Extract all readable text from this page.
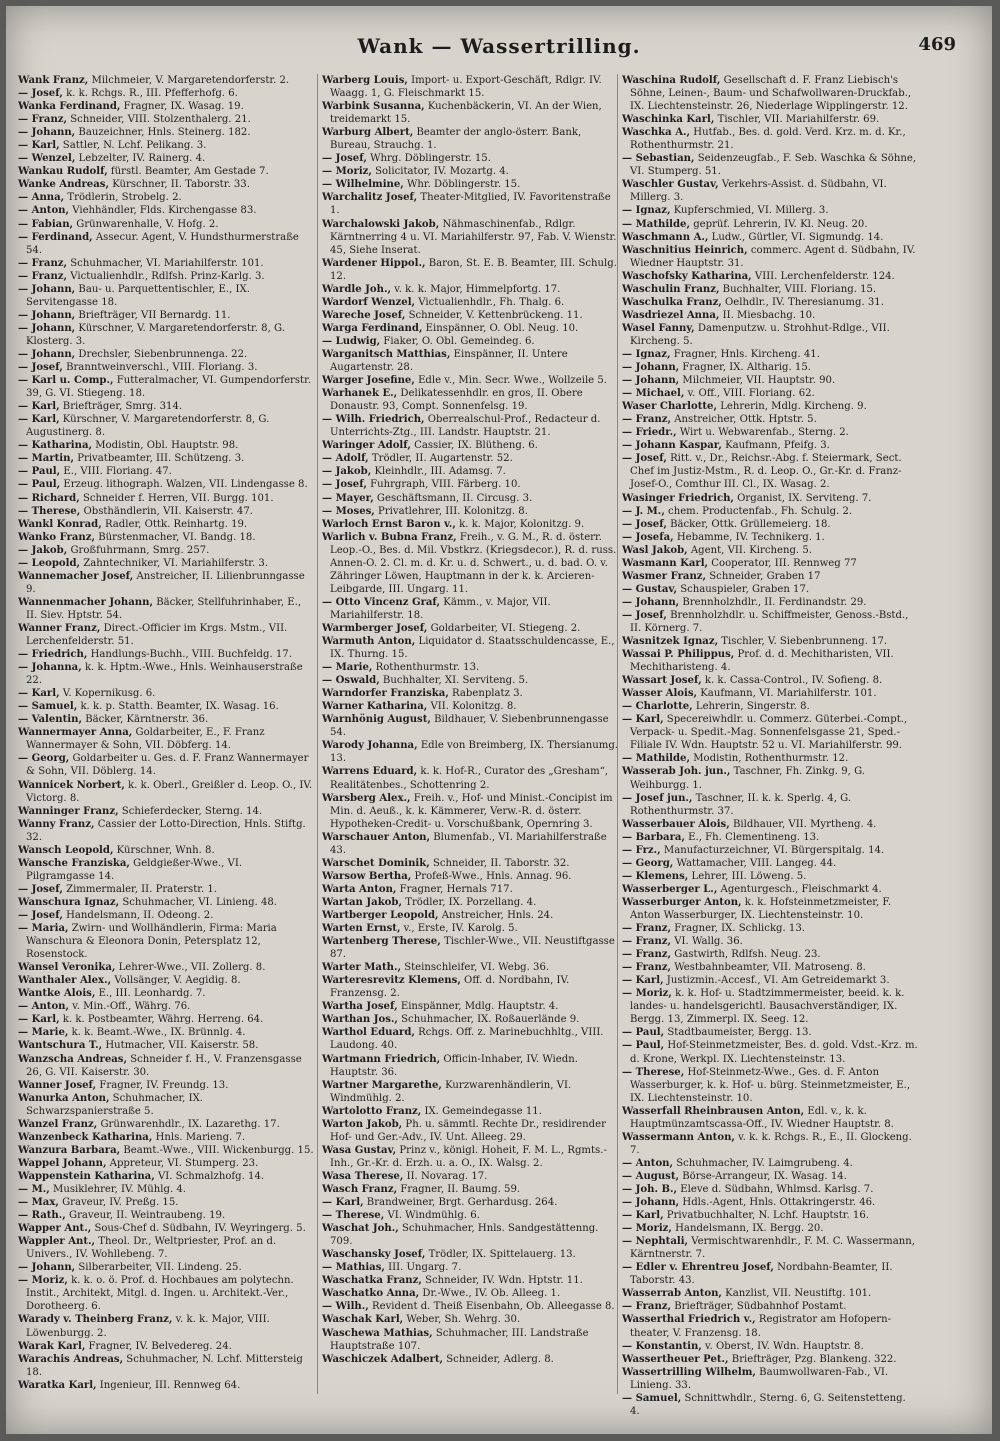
Wank — Wassertrilling.	469
Wank Franz, Milchmeier, V. Margaretendorferstr. 2.
— Josef, k. k. Rchgs. R., III. Pfefferhofg. 6.
Wanka Ferdinand, Fragner, IX. Wasag. 19.
— Franz, Schneider, VIII. Stolzenthalerg. 21.
— Johann, Bauzeichner, Hnls. Steinerg. 182.
— Karl, Sattler, N. Lchf. Pelikang. 3.
— Wenzel, Lebzelter, IV. Rainerg. 4.
Wankau Rudolf, fürstl. Beamter, Am Gestade 7.
Wanke Andreas, Kürschner, II. Taborstr. 33.
— Anna, Trödlerin, Strobelg. 2.
— Anton, Viehhändler, Flds. Kirchengasse 83.
— Fabian, Grünwarenhalle, V. Hofg. 2.
— Ferdinand, Assecur. Agent, V. Hundsthurmerstraße 54.
— Franz, Schuhmacher, VI. Mariahilferstr. 101.
— Franz, Victualienhdlr., Rdlfsh. Prinz-Karlg. 3.
— Johann, Bau- u. Parquettentischler, E., IX. Servitengasse 18.
— Johann, Briefträger, VII Bernardg. 11.
— Johann, Kürschner, V. Margaretendorferstr. 8, G. Klosterg. 3.
— Johann, Drechsler, Siebenbrunnenga. 22.
— Josef, Branntweinverschl., VIII. Floriang. 3.
— Karl u. Comp., Futteralmacher, VI. Gumpendorferstr. 39, G. VI. Stiegeng. 18.
— Karl, Briefträger, Smrg. 314.
— Karl, Kürschner, V. Margaretendorferstr. 8, G. Augustinerg. 8.
— Katharina, Modistin, Obl. Hauptstr. 98.
— Martin, Privatbeamter, III. Schützeng. 3.
— Paul, E., VIII. Floriang. 47.
— Paul, Erzeug. lithograph. Walzen, VII. Lindengasse 8.
— Richard, Schneider f. Herren, VII. Burgg. 101.
— Therese, Obsthändlerin, VII. Kaiserstr. 47.
Wankl Konrad, Radler, Ottk. Reinhartg. 19.
Wanko Franz, Bürstenmacher, VI. Bandg. 18.
— Jakob, Großfuhrmann, Smrg. 257.
— Leopold, Zahntechniker, VI. Mariahilferstr. 3.
Wannemacher Josef, Anstreicher, II. Lilienbrunngasse 9.
Wannenmacher Johann, Bäcker, Stellfuhrinhaber, E., II. Siev. Hptstr. 54.
Wanner Franz, Direct.-Officier im Krgs. Mstm., VII. Lerchenfelderstr. 51.
— Friedrich, Handlungs-Buchh., VIII. Buchfeldg. 17.
— Johanna, k. k. Hptm.-Wwe., Hnls. Weinhauserstraße 22.
— Karl, V. Kopernikusg. 6.
— Samuel, k. k. p. Statth. Beamter, IX. Wasag. 16.
— Valentin, Bäcker, Kärntnerstr. 36.
Wannermayer Anna, Goldarbeiter, E., F. Franz Wannermayer & Sohn, VII. Döbferg. 14.
— Georg, Goldarbeiter u. Ges. d. F. Franz Wannermayer & Sohn, VII. Döblerg. 14.
Wannicek Norbert, k. k. Oberl., Greißler d. Leop. O., IV. Victorg. 8.
Wanninger Franz, Schieferdecker, Sterng. 14.
Wanny Franz, Cassier der Lotto-Direction, Hnls. Stiftg. 32.
Wansch Leopold, Kürschner, Wnh. 8.
Wansche Franziska, Geldgießer-Wwe., VI. Pilgramgasse 14.
— Josef, Zimmermaler, II. Praterstr. 1.
Wanschura Ignaz, Schuhmacher, VI. Linieng. 48.
— Josef, Handelsmann, II. Odeong. 2.
— Maria, Zwirn- und Wollhändlerin, Firma: Maria Wanschura & Eleonora Donin, Petersplatz 12, Rosenstock.
Wansel Veronika, Lehrer-Wwe., VII. Zollerg. 8.
Wanthaler Alex., Vollsänger, V. Aegidig. 8.
Wantke Alois, E., III. Leonhardg. 7.
— Anton, v. Min.-Off., Währg. 76.
— Karl, k. k. Postbeamter, Währg. Herreng. 64.
— Marie, k. k. Beamt.-Wwe., IX. Brünnlg. 4.
Wantschura T., Hutmacher, VII. Kaiserstr. 58.
Wanzscha Andreas, Schneider f. H., V. Franzensgasse 26, G. VII. Kaiserstr. 30.
Wanner Josef, Fragner, IV. Freundg. 13.
Wanurka Anton, Schuhmacher, IX. Schwarzspanierstraße 5.
Wanzel Franz, Grünwarenhdlr., IX. Lazarethg. 17.
Wanzenbeck Katharina, Hnls. Marieng. 7.
Wanzura Barbara, Beamt.-Wwe., VIII. Wickenburgg. 15.
Wappel Johann, Appreteur, VI. Stumperg. 23.
Wappenstein Katharina, VI. Schmalzhofg. 14.
— M., Musiklehrer, IV. Mühlg. 4.
— Max, Graveur, IV. Preßg. 15.
— Rath., Graveur, II. Weintraubeng. 19.
Wapper Ant., Sous-Chef d. Südbahn, IV. Weyringerg. 5.
Wappler Ant., Theol. Dr., Weltpriester, Prof. an d. Univers., IV. Wohllebeng. 7.
— Johann, Silberarbeiter, VII. Lindeng. 25.
— Moriz, k. k. o. ö. Prof. d. Hochbaues am polytechn. Instit., Architekt, Mitgl. d. Ingen. u. Architekt.-Ver., Dorotheerg. 6.
Warady v. Theinberg Franz, v. k. k. Major, VIII. Löwenburgg. 2.
Warak Karl, Fragner, IV. Belvedereg. 24.
Warachis Andreas, Schuhmacher, N. Lchf. Mittersteig 18.
Waratka Karl, Ingenieur, III. Rennweg 64.
Warberg Louis, Import- u. Export-Geschäft, Rdlgr. IV. Waagg. 1, G. Fleischmarkt 15.
Warbink Susanna, Kuchenbäckerin, VI. An der Wien, treidemarkt 15.
Warburg Albert, Beamter der anglo-österr. Bank, Bureau, Strauchg. 1.
— Josef, Whrg. Döblingerstr. 15.
— Moriz, Solicitator, IV. Mozartg. 4.
— Wilhelmine, Whr. Döblingerstr. 15.
Warchalitz Josef, Theater-Mitglied, IV. Favoritenstraße 1.
Warchalowski Jakob, Nähmaschinenfab., Rdlgr. Kärntnerring 4 u. VI. Mariahilferstr. 97, Fab. V. Wienstr. 45, Siehe Inserat.
Wardener Hippol., Baron, St. E. B. Beamter, III. Schulg. 12.
Wardle Joh., v. k. k. Major, Himmelpfortg. 17.
Wardorf Wenzel, Victualienhdlr., Fh. Thalg. 6.
Wareche Josef, Schneider, V. Kettenbrückeng. 11.
Warga Ferdinand, Einspänner, O. Obl. Neug. 10.
— Ludwig, Fiaker, O. Obl. Gemeindeg. 6.
Warganitsch Matthias, Einspänner, II. Untere Augartenstr. 28.
Warger Josefine, Edle v., Min. Secr. Wwe., Wollzeile 5.
Warhanek E., Delikatessenhdlr. en gros, II. Obere Donaustr. 93, Compt. Sonnenfelsg. 19.
— Wilh. Friedrich, Oberrealschul-Prof., Redacteur d. Unterrichts-Ztg., III. Landstr. Hauptstr. 21.
Waringer Adolf, Cassier, IX. Blütheng. 6.
— Adolf, Trödler, II. Augartenstr. 52.
— Jakob, Kleinhdlr., III. Adamsg. 7.
— Josef, Fuhrgraph, VIII. Färberg. 10.
— Mayer, Geschäftsmann, II. Circusg. 3.
— Moses, Privatlehrer, III. Kolonitzg. 8.
Warloch Ernst Baron v., k. k. Major, Kolonitzg. 9.
Warlich v. Bubna Franz, Freih., v. G. M., R. d. österr. Leop.-O., Bes. d. Mil. Vbstkrz. (Kriegsdecor.), R. d. russ. Annen-O. 2. Cl. m. d. Kr. u. d. Schwert., u. d. bad. O. v. Zähringer Löwen, Hauptmann in der k. k. Arcieren-Leibgarde, III. Ungarg. 11.
— Otto Vincenz Graf, Kämm., v. Major, VII. Mariahilferstr. 18.
Warmberger Josef, Goldarbeiter, VI. Stiegeng. 2.
Warmuth Anton, Liquidator d. Staatsschuldencasse, E., IX. Thurng. 15.
— Marie, Rothenthurmstr. 13.
— Oswald, Buchhalter, XI. Serviteng. 5.
Warndorfer Franziska, Rabenplatz 3.
Warner Katharina, VII. Kolonitzg. 8.
Warnhönig August, Bildhauer, V. Siebenbrunnengasse 54.
Warody Johanna, Edle von Breimberg, IX. Thersianumg. 13.
Warrens Eduard, k. k. Hof-R., Curator des „Gresham“, Realitätenbes., Schottenring 2.
Warsberg Alex., Freih. v., Hof- und Minist.-Concipist im Min. d. Aeuß., k. k. Kämmerer, Verw.-R. d. österr. Hypotheken-Credit- u. Vorschußbank, Opernring 3.
Warschauer Anton, Blumenfab., VI. Mariahilferstraße 43.
Warschet Dominik, Schneider, II. Taborstr. 32.
Warsow Bertha, Profeß-Wwe., Hnls. Annag. 96.
Warta Anton, Fragner, Hernals 717.
Wartan Jakob, Trödler, IX. Porzellang. 4.
Wartberger Leopold, Anstreicher, Hnls. 24.
Warten Ernst, v., Erste, IV. Karolg. 5.
Wartenberg Therese, Tischler-Wwe., VII. Neustiftgasse 87.
Warter Math., Steinschleifer, VI. Webg. 36.
Warteresrevitz Klemens, Off. d. Nordbahn, IV. Franzensg. 2.
Wartha Josef, Einspänner, Mdlg. Hauptstr. 4.
Warthan Jos., Schuhmacher, IX. Roßauerlände 9.
Warthol Eduard, Rchgs. Off. z. Marinebuchhltg., VIII. Laudong. 40.
Wartmann Friedrich, Officin-Inhaber, IV. Wiedn. Hauptstr. 36.
Wartner Margarethe, Kurzwarenhändlerin, VI. Windmühlg. 2.
Wartolotto Franz, IX. Gemeindegasse 11.
Warton Jakob, Ph. u. sämmtl. Rechte Dr., residirender Hof- und Ger.-Adv., IV. Unt. Alleeg. 29.
Wasa Gustav, Prinz v., königl. Hoheit, F. M. L., Rgmts.-Inh., Gr.-Kr. d. Erzh. u. a. O., IX. Walsg. 2.
Wasa Therese, II. Novarag. 17.
Wasch Franz, Fragner, II. Baumg. 59.
— Karl, Brandweiner, Brgt. Gerhardusg. 264.
— Therese, VI. Windmühlg. 6.
Waschat Joh., Schuhmacher, Hnls. Sandgestättenng. 709.
Waschansky Josef, Trödler, IX. Spittelauerg. 13.
— Mathias, III. Ungarg. 7.
Waschatka Franz, Schneider, IV. Wdn. Hptstr. 11.
Waschatko Anna, Dr.-Wwe., IV. Ob. Alleeg. 1.
— Wilh., Revident d. Theiß Eisenbahn, Ob. Alleegasse 8.
Waschak Karl, Weber, Sh. Wehrg. 30.
Waschewa Mathias, Schuhmacher, III. Landstraße Hauptstraße 107.
Waschiczek Adalbert, Schneider, Adlerg. 8.
Waschina Rudolf, Gesellschaft d. F. Franz Liebisch's Söhne, Leinen-, Baum- und Schafwollwaren-Druckfab., IX. Liechtensteinstr. 26, Niederlage Wipplingerstr. 12.
Waschinka Karl, Tischler, VII. Mariahilferstr. 69.
Waschka A., Hutfab., Bes. d. gold. Verd. Krz. m. d. Kr., Rothenthurmstr. 21.
— Sebastian, Seidenzeugfab., F. Seb. Waschka & Söhne, VI. Stumperg. 51.
Waschler Gustav, Verkehrs-Assist. d. Südbahn, VI. Millerg. 3.
— Ignaz, Kupferschmied, VI. Millerg. 3.
— Mathilde, geprüf. Lehrerin, IV. Kl. Neug. 20.
Waschmann A., Ludw., Gürtler, VI. Sigmundg. 14.
Waschnitius Heinrich, commerc. Agent d. Südbahn, IV. Wiedner Hauptstr. 31.
Waschofsky Katharina, VIII. Lerchenfelderstr. 124.
Waschulin Franz, Buchhalter, VIII. Floriang. 15.
Waschulka Franz, Oelhdlr., IV. Theresianumg. 31.
Wasdriezel Anna, II. Miesbachg. 10.
Wasel Fanny, Damenputzw. u. Strohhut-Rdlge., VII. Kircheng. 5.
— Ignaz, Fragner, Hnls. Kircheng. 41.
— Johann, Fragner, IX. Altharig. 15.
— Johann, Milchmeier, VII. Hauptstr. 90.
— Michael, v. Off., VIII. Floriang. 62.
Waser Charlotte, Lehrerin, Mdlg. Kircheng. 9.
— Franz, Anstreicher, Ottk. Hptstr. 5.
— Friedr., Wirt u. Webwarenfab., Sterng. 2.
— Johann Kaspar, Kaufmann, Pfeifg. 3.
— Josef, Ritt. v., Dr., Reichsr.-Abg. f. Steiermark, Sect. Chef im Justiz-Mstm., R. d. Leop. O., Gr.-Kr. d. Franz-Josef-O., Comthur III. Cl., IX. Wasag. 2.
Wasinger Friedrich, Organist, IX. Serviteng. 7.
— J. M., chem. Productenfab., Fh. Schulg. 2.
— Josef, Bäcker, Ottk. Grüllemeierg. 18.
— Josefa, Hebamme, IV. Technikerg. 1.
Wasl Jakob, Agent, VII. Kircheng. 5.
Wasmann Karl, Cooperator, III. Rennweg 77
Wasmer Franz, Schneider, Graben 17
— Gustav, Schauspieler, Graben 17.
— Johann, Brennholzhdlr., II. Ferdinandstr. 29.
— Josef, Brennholzhdlr. u. Schiffmeister, Genoss.-Bstd., II. Körnerg. 7.
Wasnitzek Ignaz, Tischler, V. Siebenbrunneng. 17.
Wassai P. Philippus, Prof. d. d. Mechitharisten, VII. Mechitharisteng. 4.
Wassart Josef, k. k. Cassa-Control., IV. Sofieng. 8.
Wasser Alois, Kaufmann, VI. Mariahilferstr. 101.
— Charlotte, Lehrerin, Singerstr. 8.
— Karl, Specereiwhdlr. u. Commerz. Güterbei.-Compt., Verpack- u. Spedit.-Mag. Sonnenfelsgasse 21, Sped.-Filiale IV. Wdn. Hauptstr. 52 u. VI. Mariahilferstr. 99.
— Mathilde, Modistin, Rothenthurmstr. 12.
Wasserab Joh. jun., Taschner, Fh. Zinkg. 9, G. Weihburgg. 1.
— Josef jun., Taschner, II. k. k. Sperlg. 4, G. Rothenthurmstr. 37.
Wasserbauer Alois, Bildhauer, VII. Myrtheng. 4.
— Barbara, E., Fh. Clementineng. 13.
— Frz., Manufacturzeichner, VI. Bürgerspitalg. 14.
— Georg, Wattamacher, VIII. Langeg. 44.
— Klemens, Lehrer, III. Löweng. 5.
Wasserberger L., Agenturgesch., Fleischmarkt 4.
Wasserburger Anton, k. k. Hofsteinmetzmeister, F. Anton Wasserburger, IX. Liechtensteinstr. 10.
— Franz, Fragner, IX. Schlickg. 13.
— Franz, VI. Wallg. 36.
— Franz, Gastwirth, Rdlfsh. Neug. 23.
— Franz, Westbahnbeamter, VII. Matroseng. 8.
— Karl, Justizmin.-Accesf., VI. Am Getreidemarkt 3.
— Moriz, k. k. Hof- u. Stadtzimmermeister, beeid. k. k. landes- u. handelsgerichtl. Bausachverständiger, IX. Bergg. 13, Zimmerpl. IX. Seeg. 12.
— Paul, Stadtbaumeister, Bergg. 13.
— Paul, Hof-Steinmetzmeister, Bes. d. gold. Vdst.-Krz. m. d. Krone, Werkpl. IX. Liechtensteinstr. 13.
— Therese, Hof-Steinmetz-Wwe., Ges. d. F. Anton Wasserburger, k. k. Hof- u. bürg. Steinmetzmeister, E., IX. Liechtensteinstr. 10.
Wasserfall Rheinbrausen Anton, Edl. v., k. k. Hauptmünzamtscassa-Off., IV. Wiedner Hauptstr. 8.
Wassermann Anton, v. k. k. Rchgs. R., E., II. Glockeng. 7.
— Anton, Schuhmacher, IV. Laimgrubeng. 4.
— August, Börse-Arrangeur, IX. Wasag. 14.
— Joh. B., Eleve d. Südbahn, Whlmsd. Karlsg. 7.
— Johann, Hdls.-Agent, Hnls. Ottakringerstr. 46.
— Karl, Privatbuchhalter, N. Lchf. Hauptstr. 16.
— Moriz, Handelsmann, IX. Bergg. 20.
— Nephtali, Vermischtwarenhdlr., F. M. C. Wassermann, Kärntnerstr. 7.
— Edler v. Ehrentreu Josef, Nordbahn-Beamter, II. Taborstr. 43.
Wasserrab Anton, Kanzlist, VII. Neustiftg. 101.
— Franz, Briefträger, Südbahnhof Postamt.
Wasserthal Friedrich v., Registrator am Hofopern-theater, V. Franzensg. 18.
— Konstantin, v. Oberst, IV. Wdn. Hauptstr. 8.
Wassertheuer Pet., Briefträger, Pzg. Blankeng. 322.
Wassertrilling Wilhelm, Baumwollwaren-Fab., VI. Linieng. 33.
— Samuel, Schnittwhdlr., Sterng. 6, G. Seitenstetteng. 4.
